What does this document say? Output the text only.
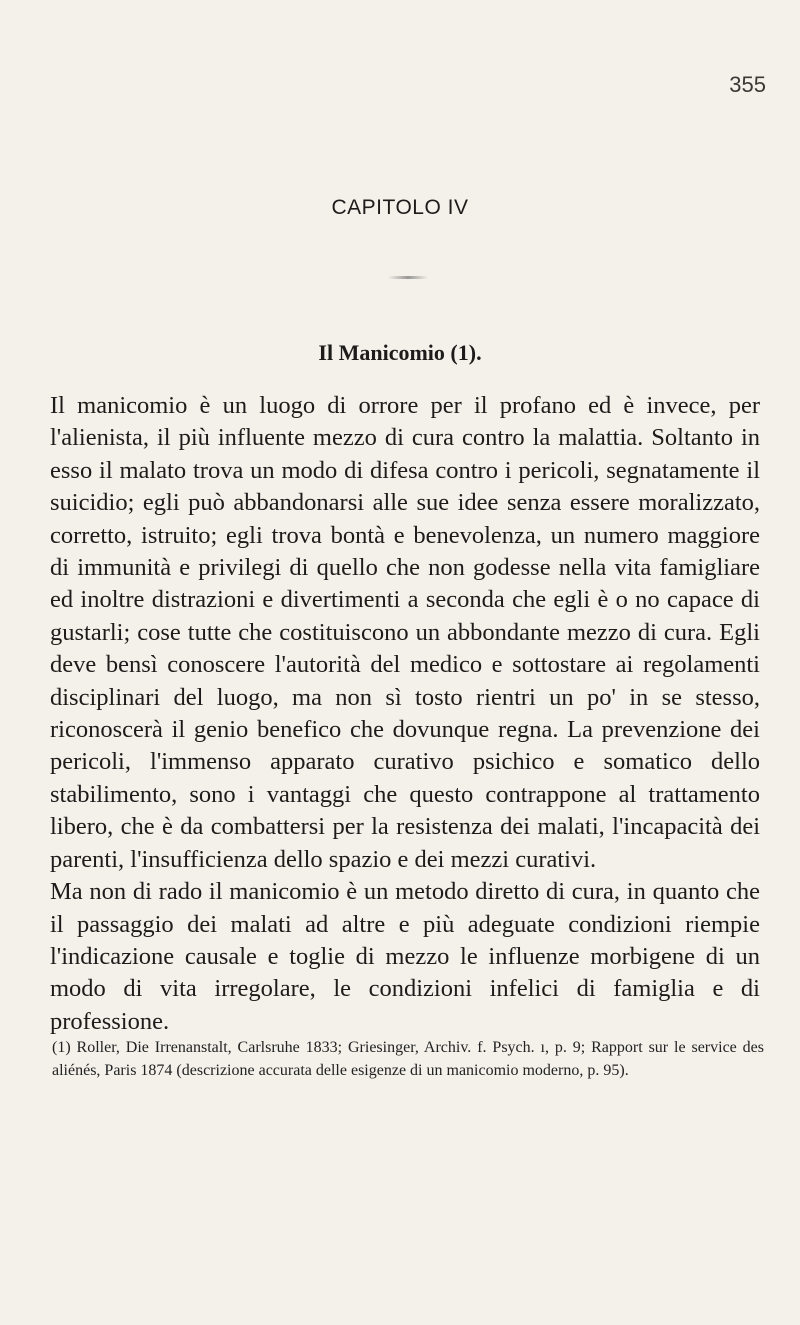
355
CAPITOLO IV
Il Manicomio (1).

Il manicomio è un luogo di orrore per il profano ed è invece, per l'alienista, il più influente mezzo di cura contro la malattia. Soltanto in esso il malato trova un modo di difesa contro i pericoli, segnatamente il suicidio; egli può abbandonarsi alle sue idee senza essere moralizzato, corretto, istruito; egli trova bontà e benevolenza, un numero maggiore di immunità e privilegi di quello che non godesse nella vita famigliare ed inoltre distrazioni e divertimenti a seconda che egli è o no capace di gustarli; cose tutte che costituiscono un abbondante mezzo di cura. Egli deve bensì conoscere l'autorità del medico e sottostare ai regolamenti disciplinari del luogo, ma non sì tosto rientri un po' in se stesso, riconoscerà il genio benefico che dovunque regna. La prevenzione dei pericoli, l'immenso apparato curativo psichico e somatico dello stabilimento, sono i vantaggi che questo contrappone al trattamento libero, che è da combattersi per la resistenza dei malati, l'incapacità dei parenti, l'insufficienza dello spazio e dei mezzi curativi.

Ma non di rado il manicomio è un metodo diretto di cura, in quanto che il passaggio dei malati ad altre e più adeguate condizioni riempie l'indicazione causale e toglie di mezzo le influenze morbigene di un modo di vita irregolare, le condizioni infelici di famiglia e di professione.

(1) Roller, Die Irrenanstalt, Carlsruhe 1833; Griesinger, Archiv. f. Psych. ı, p. 9; Rapport sur le service des aliénés, Paris 1874 (descrizione accurata delle esigenze di un manicomio moderno, p. 95).
